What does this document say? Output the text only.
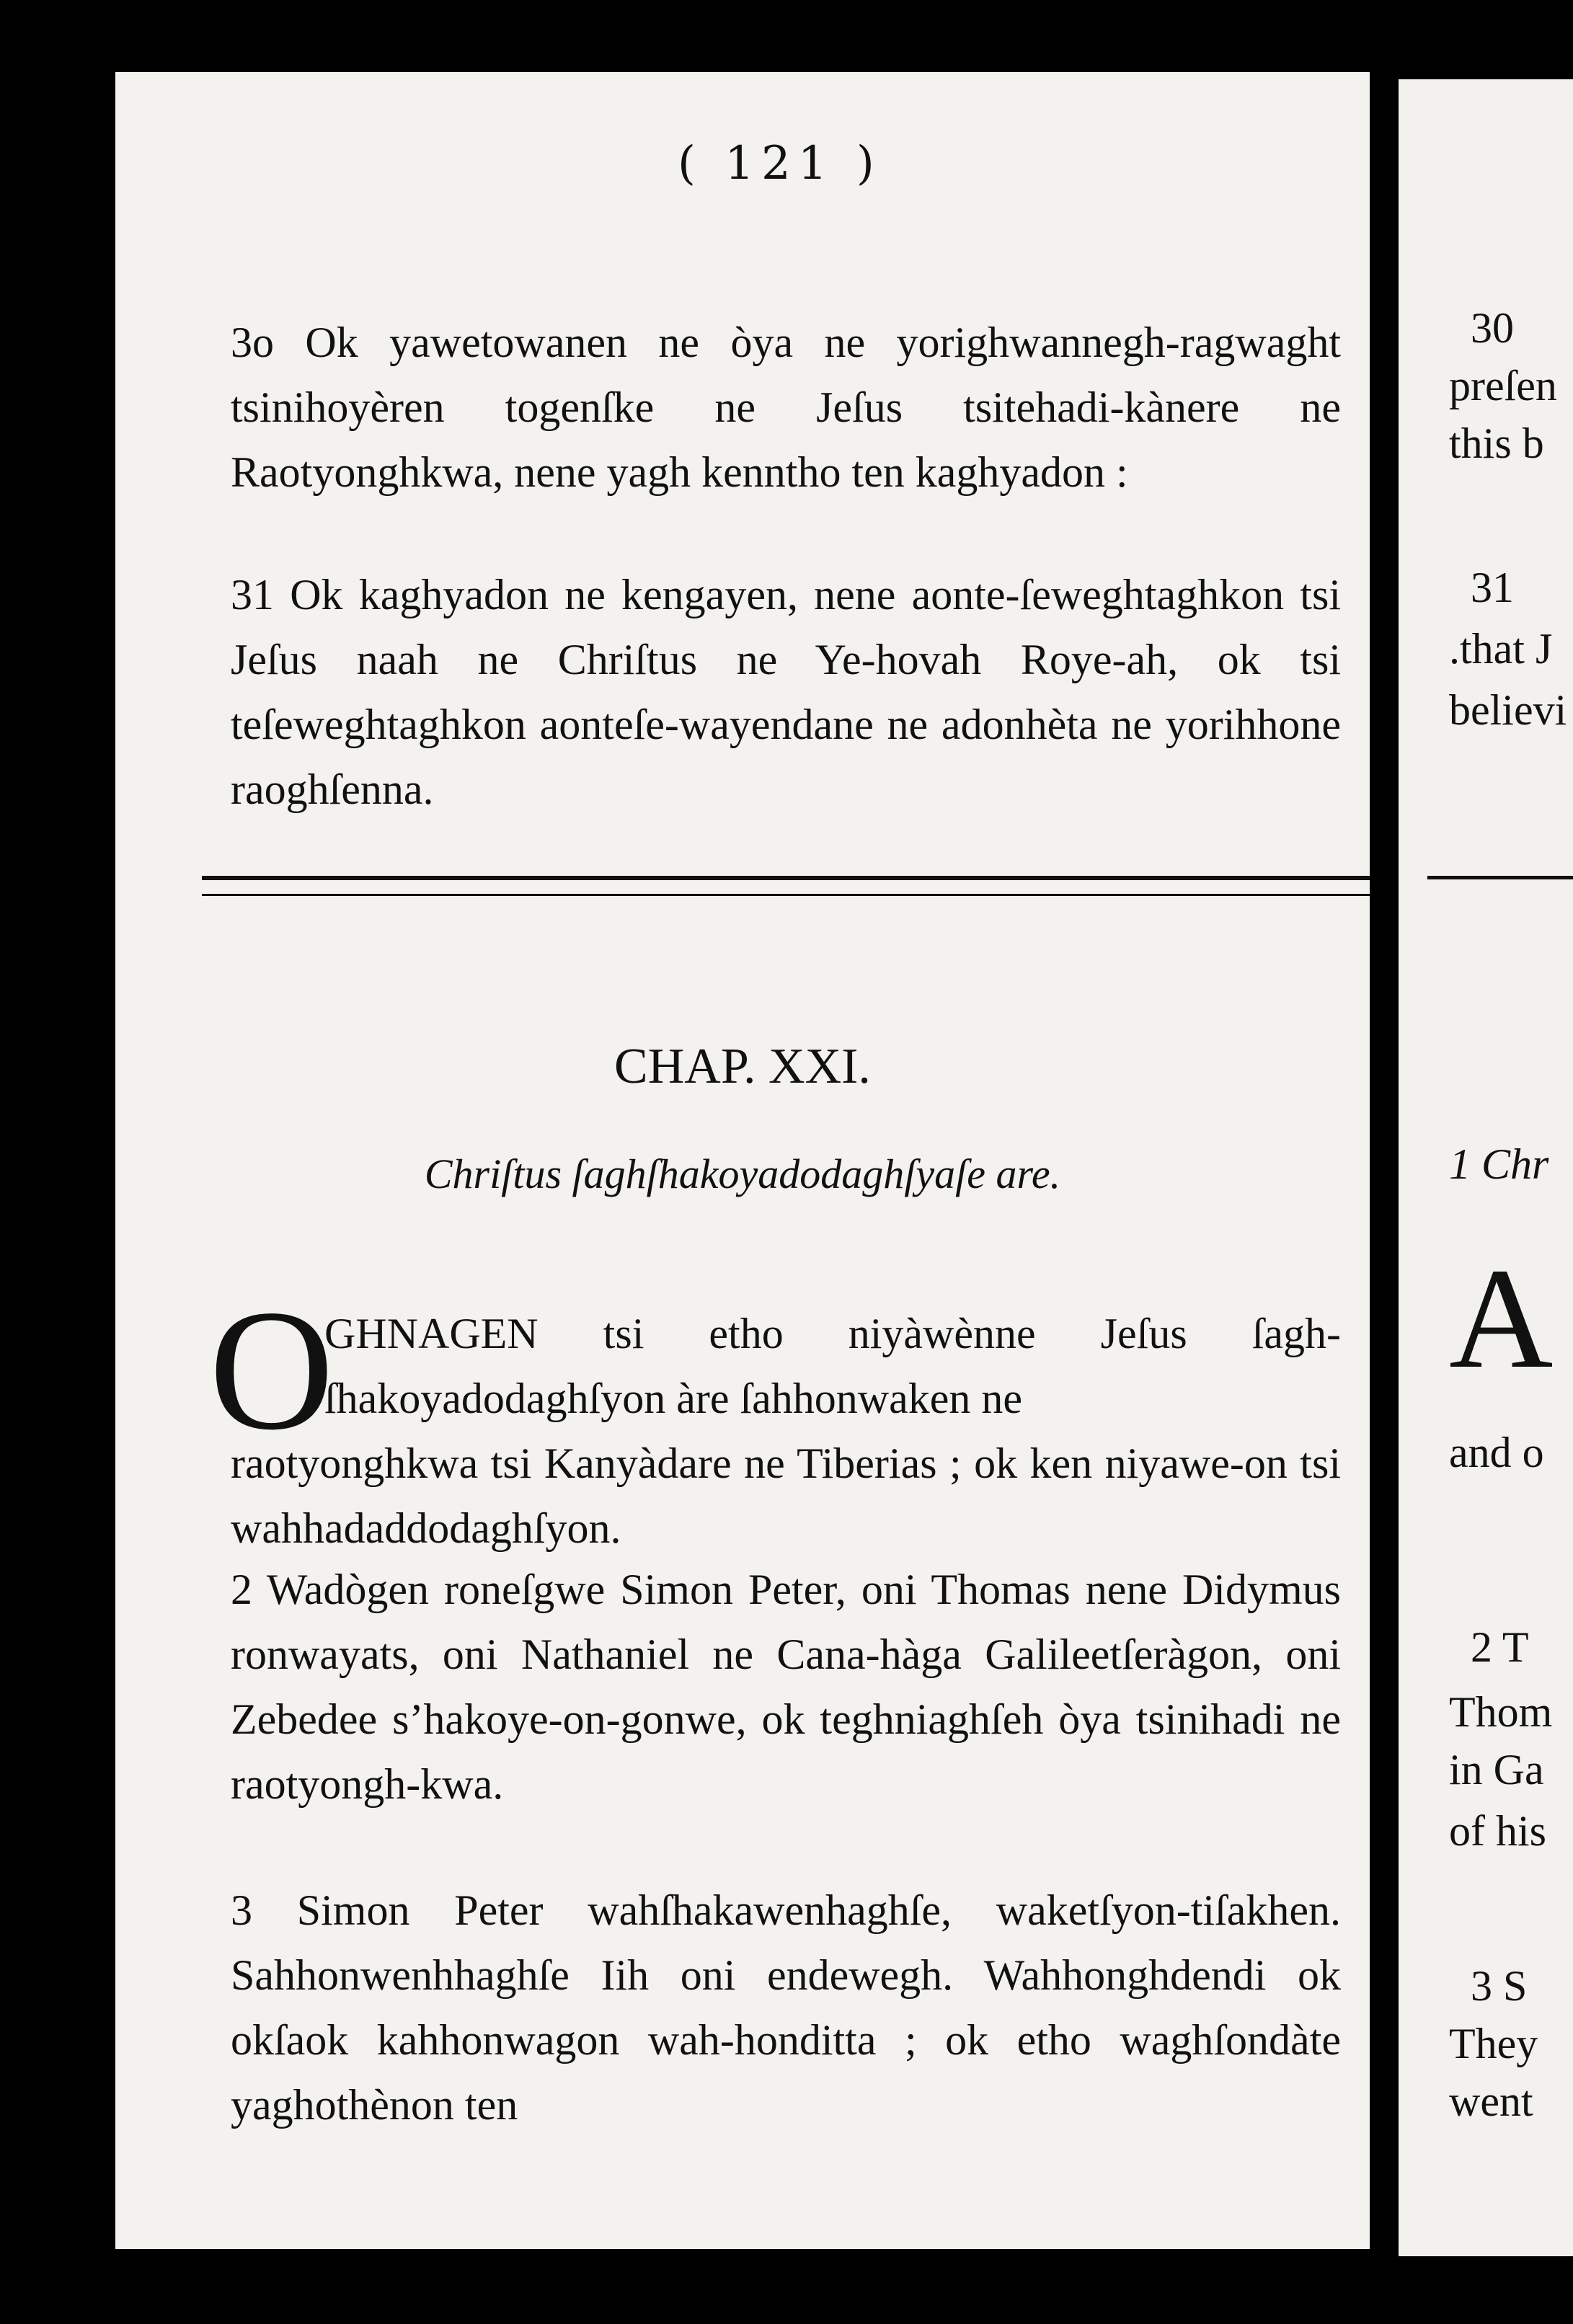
( 121 )

3o Ok yawetowanen ne òya ne yorighwannegh-ragwaght tsinihoyèren togenſke ne Jeſus tsitehadi-kànere ne Raotyonghkwa, nene yagh kenntho ten kaghyadon :

31 Ok kaghyadon ne kengayen, nene aonte-ſeweghtaghkon tsi Jeſus naah ne Chriſtus ne Ye-hovah Roye-ah, ok tsi teſeweghtaghkon aonteſe-wayendane ne adonhèta ne yorihhone raoghſenna.

CHAP. XXI.
Chriſtus ſaghſhakoyadodaghſyaſe are.
O

GHNAGEN tsi etho niyàwènne Jeſus ſagh-ſhakoyadodaghſyon àre ſahhonwaken ne

raotyonghkwa tsi Kanyàdare ne Tiberias ; ok ken niyawe-on tsi wahhadaddodaghſyon.

2 Wadògen roneſgwe Simon Peter, oni Thomas nene Didymus ronwayats, oni Nathaniel ne Cana-hàga Galileetſeràgon, oni Zebedee s’hakoye-on-gonwe, ok teghniaghſeh òya tsinihadi ne raotyongh-kwa.

3 Simon Peter wahſhakawenhaghſe, waketſyon-tiſakhen. Sahhonwenhhaghſe Iih oni endewegh. Wahhonghdendi ok okſaok kahhonwagon wah-honditta ; ok etho waghſondàte yaghothènon ten

30
preſen
this b
31
.that J
believi
1 Chr
A
and o
2 T
Thom
in Ga
of his
3 S
They
went
